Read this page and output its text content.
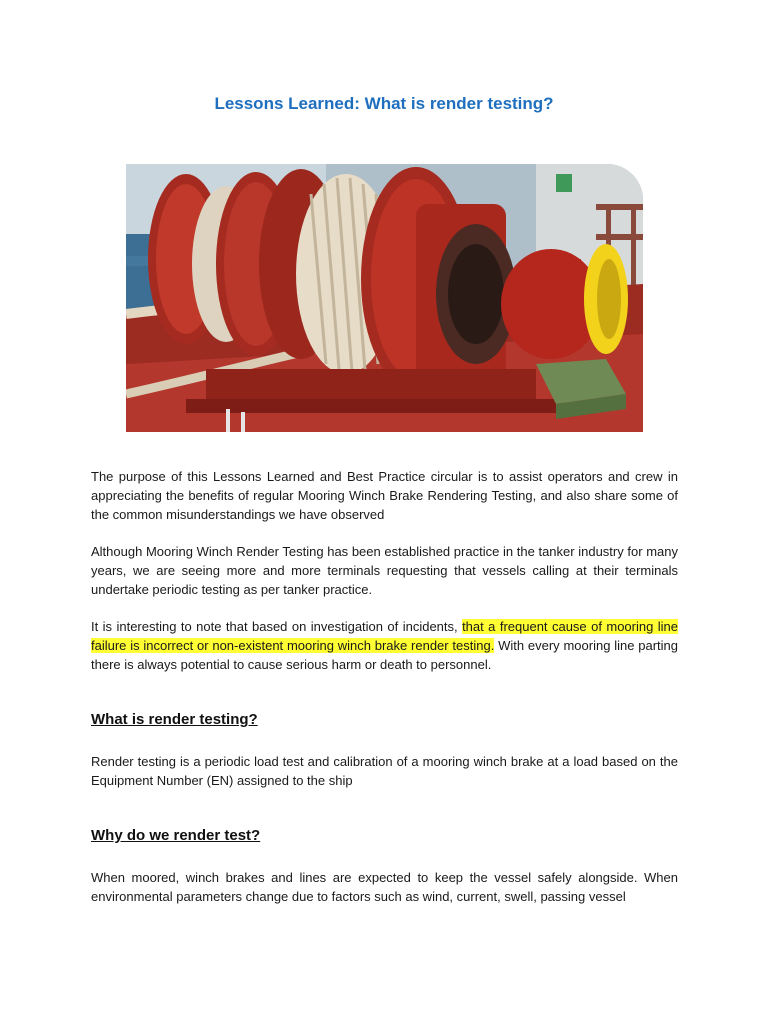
Lessons Learned: What is render testing?

The purpose of this Lessons Learned and Best Practice circular is to assist operators and crew in appreciating the benefits of regular Mooring Winch Brake Rendering Testing, and also share some of the common misunderstandings we have observed

Although Mooring Winch Render Testing has been established practice in the tanker industry for many years, we are seeing more and more terminals requesting that vessels calling at their terminals undertake periodic testing as per tanker practice.

It is interesting to note that based on investigation of incidents, that a frequent cause of mooring line failure is incorrect or non-existent mooring winch brake render testing. With every mooring line parting there is always potential to cause serious harm or death to personnel.

What is render testing?

Render testing is a periodic load test and calibration of a mooring winch brake at a load based on the Equipment Number (EN) assigned to the ship

Why do we render test?

When moored, winch brakes and lines are expected to keep the vessel safely alongside. When environmental parameters change due to factors such as wind, current, swell, passing vessel
